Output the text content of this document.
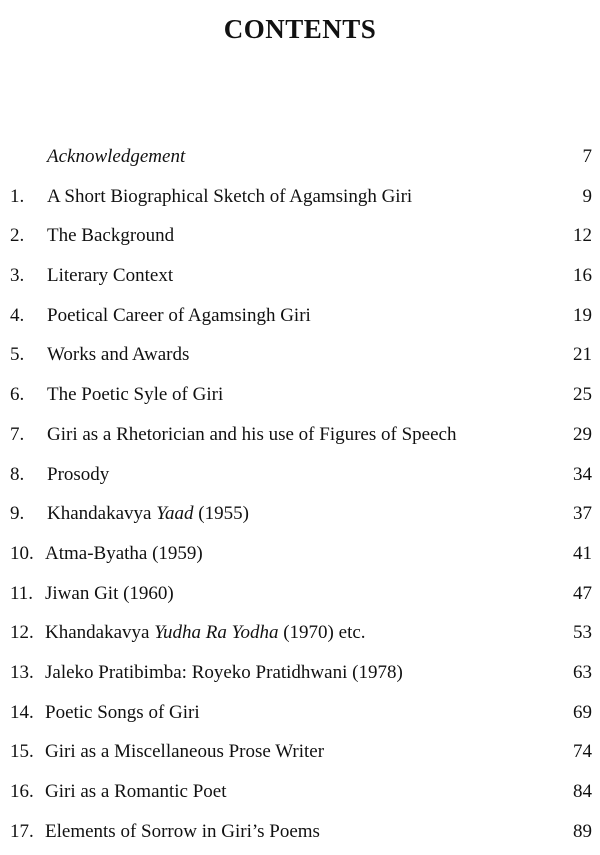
CONTENTS
Acknowledgement	7
1. A Short Biographical Sketch of Agamsingh Giri	9
2. The Background	12
3. Literary Context	16
4. Poetical Career of Agamsingh Giri	19
5. Works and Awards	21
6. The Poetic Syle of Giri	25
7. Giri as a Rhetorician and his use of Figures of Speech	29
8. Prosody	34
9. Khandakavya Yaad (1955)	37
10. Atma-Byatha (1959)	41
11. Jiwan Git (1960)	47
12. Khandakavya Yudha Ra Yodha (1970) etc.	53
13. Jaleko Pratibimba: Royeko Pratidhwani (1978)	63
14. Poetic Songs of Giri	69
15. Giri as a Miscellaneous Prose Writer	74
16. Giri as a Romantic Poet	84
17. Elements of Sorrow in Giri’s Poems	89
